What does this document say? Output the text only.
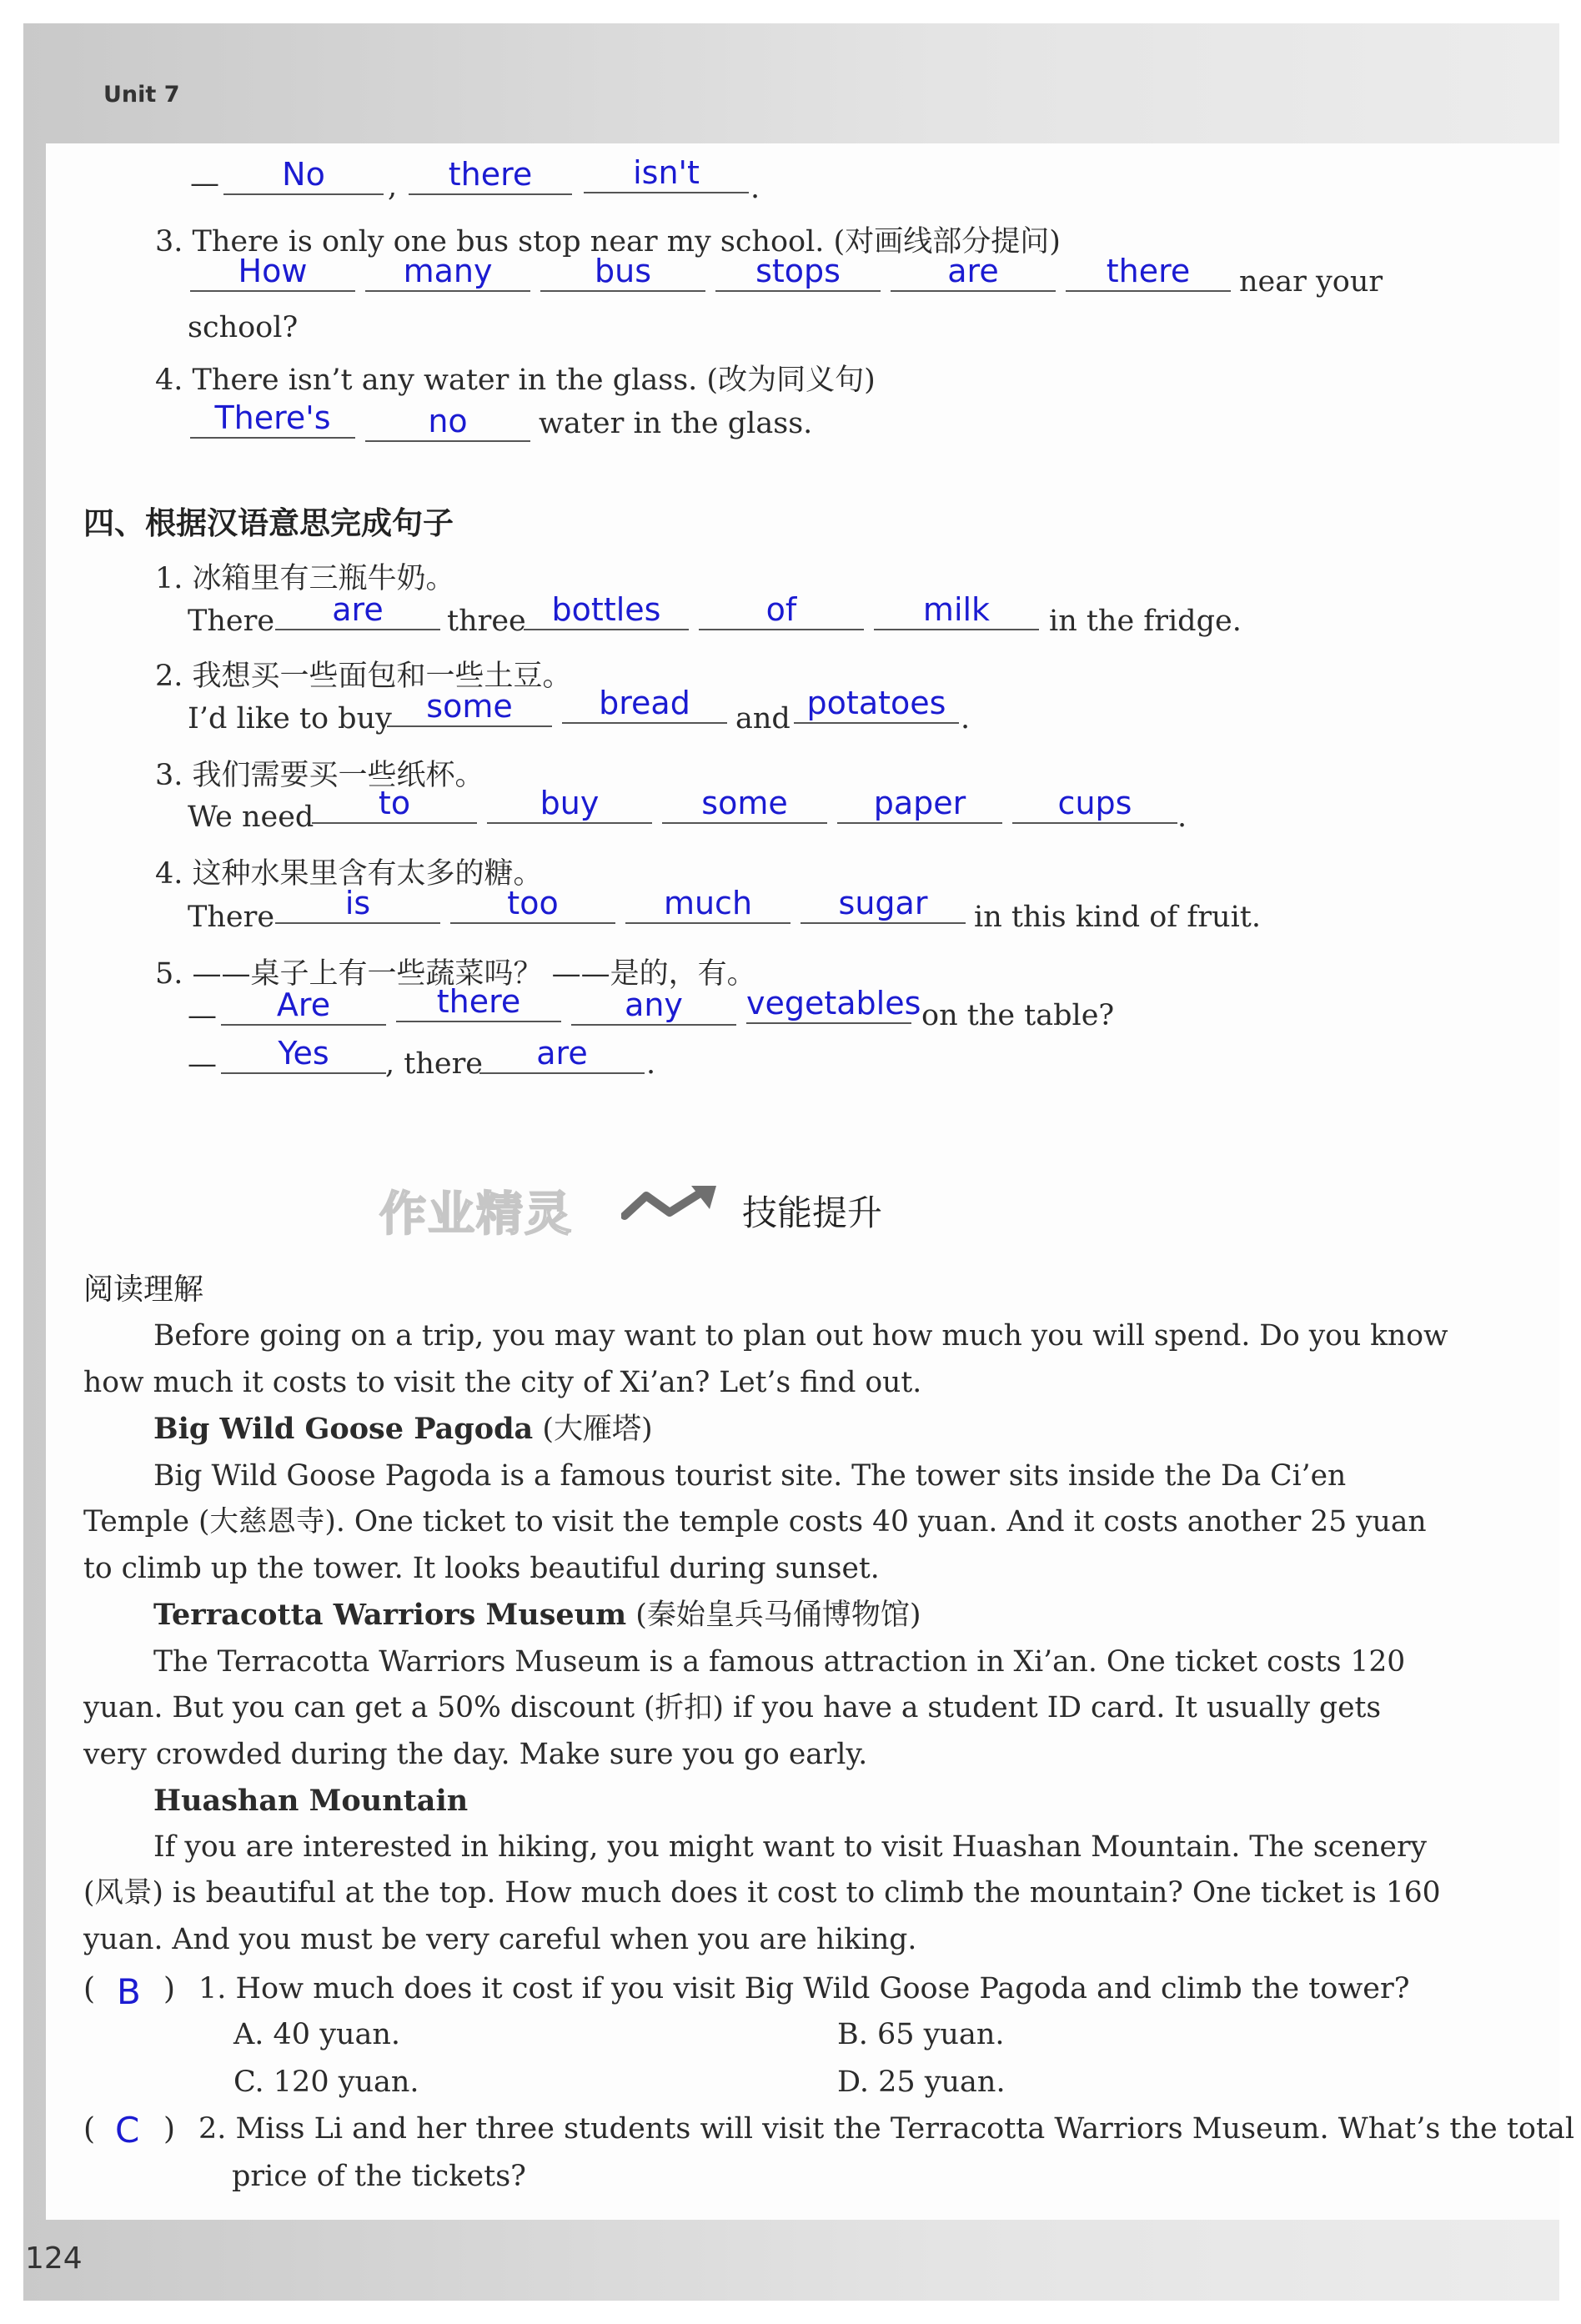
Unit 7
—	No	,	there	isn't	.
3. There is only one bus stop near my school. (对画线部分提问)
How	many	bus	stops	are	there	near your
school?
4. There isn’t any water in the glass. (改为同义句)
There's	no	water in the glass.
四、根据汉语意思完成句子
1. 冰箱里有三瓶牛奶。
There	are	three bottles	of	milk	in the fridge.
2. 我想买一些面包和一些土豆。
I’d like to buy	some	bread	and potatoes .
3. 我们需要买一些纸杯。
We need	to	buy	some	paper	cups	.
4. 这种水果里含有太多的糖。
There	is	too	much	sugar	in this kind of fruit.
5. ——桌子上有一些蔬菜吗？ ——是的，有。
—	Are	there	any	vegetables on the table?
—	Yes	, there	are	.
作业精灵	技能提升
阅读理解

Before going on a trip, you may want to plan out how much you will spend. Do you know how much it costs to visit the city of Xi’an? Let’s find out.

Big Wild Goose Pagoda (大雁塔)

Big Wild Goose Pagoda is a famous tourist site. The tower sits inside the Da Ci’en Temple (大慈恩寺). One ticket to visit the temple costs 40 yuan. And it costs another 25 yuan to climb up the tower. It looks beautiful during sunset.

Terracotta Warriors Museum (秦始皇兵马俑博物馆)

The Terracotta Warriors Museum is a famous attraction in Xi’an. One ticket costs 120 yuan. But you can get a 50% discount (折扣) if you have a student ID card. It usually gets very crowded during the day. Make sure you go early.

Huashan Mountain

If you are interested in hiking, you might want to visit Huashan Mountain. The scenery (风景) is beautiful at the top. How much does it cost to climb the mountain? One ticket is 160 yuan. And you must be very careful when you are hiking.

( B ) 1. How much does it cost if you visit Big Wild Goose Pagoda and climb the tower?
A. 40 yuan.	B. 65 yuan.
C. 120 yuan.	D. 25 yuan.
( C ) 2. Miss Li and her three students will visit the Terracotta Warriors Museum. What’s the total
price of the tickets?
124
